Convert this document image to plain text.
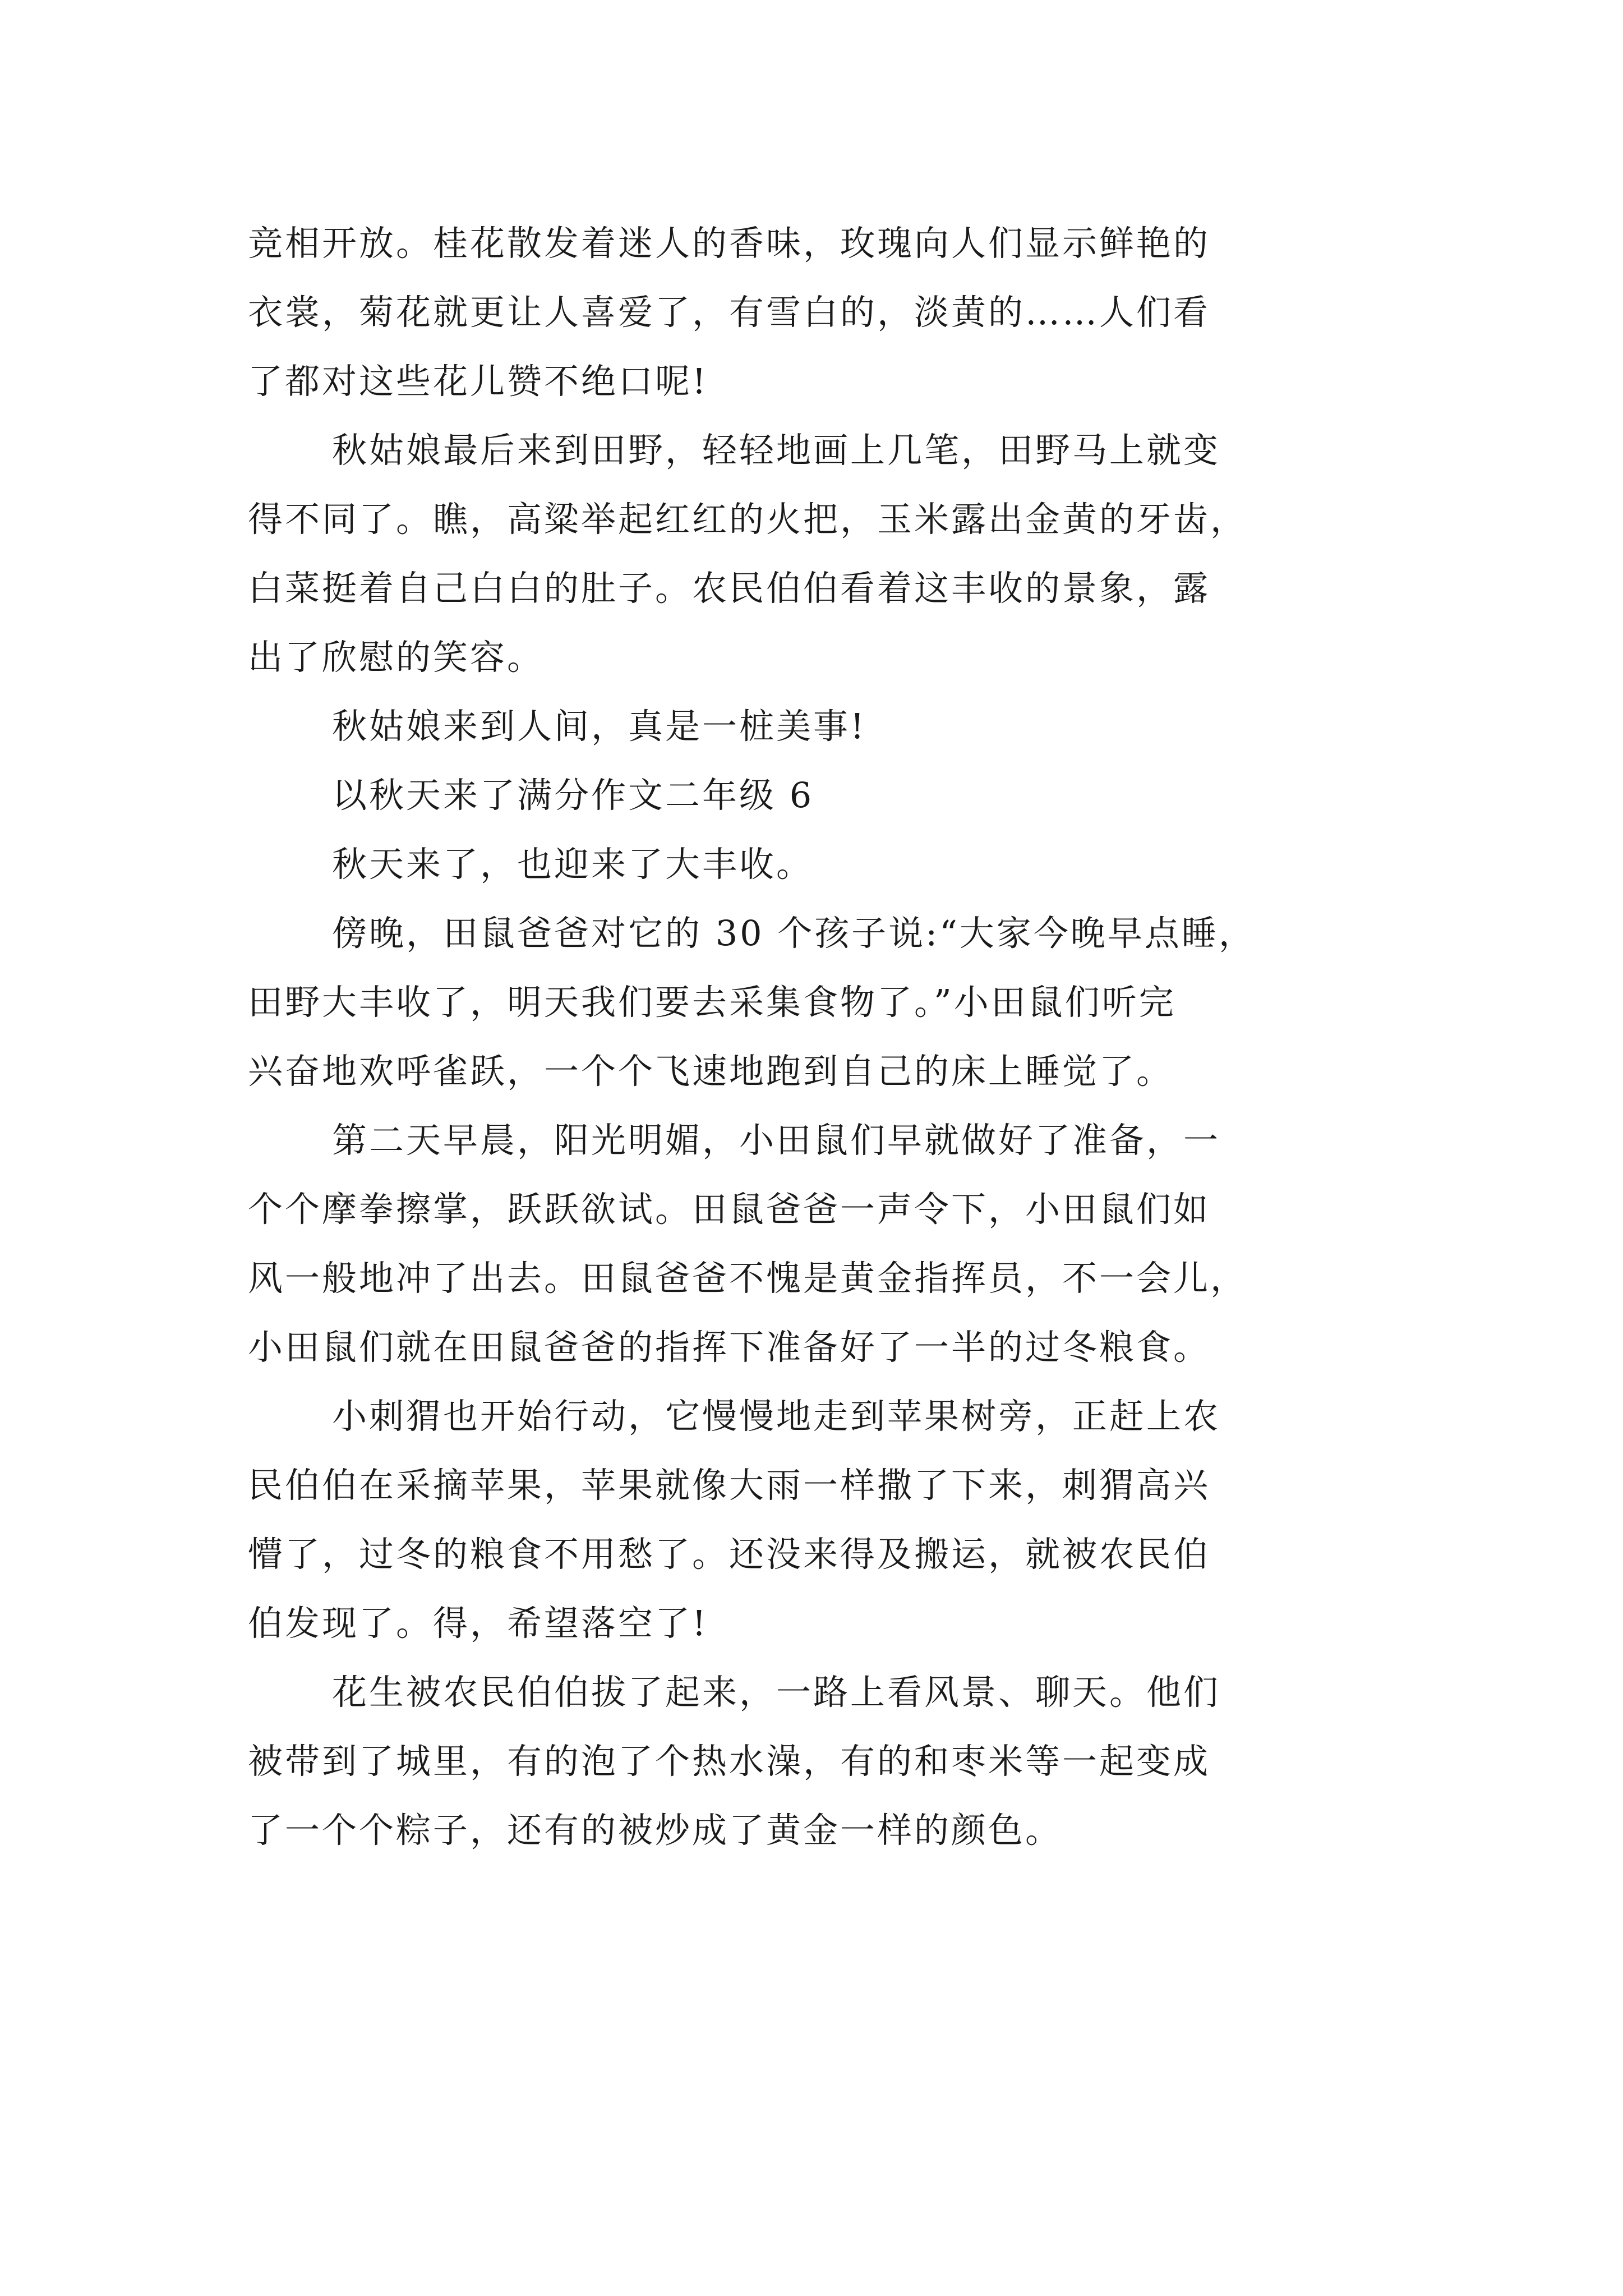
竞相开放。桂花散发着迷人的香味，玫瑰向人们显示鲜艳的
衣裳，菊花就更让人喜爱了，有雪白的，淡黄的……人们看
了都对这些花儿赞不绝口呢!
秋姑娘最后来到田野，轻轻地画上几笔，田野马上就变
得不同了。瞧，高粱举起红红的火把，玉米露出金黄的牙齿，
白菜挺着自己白白的肚子。农民伯伯看着这丰收的景象，露
出了欣慰的笑容。
秋姑娘来到人间，真是一桩美事!
以秋天来了满分作文二年级 6
秋天来了，也迎来了大丰收。
傍晚，田鼠爸爸对它的 30 个孩子说:“大家今晚早点睡，
田野大丰收了，明天我们要去采集食物了。”小田鼠们听完
兴奋地欢呼雀跃，一个个飞速地跑到自己的床上睡觉了。
第二天早晨，阳光明媚，小田鼠们早就做好了准备，一
个个摩拳擦掌，跃跃欲试。田鼠爸爸一声令下，小田鼠们如
风一般地冲了出去。田鼠爸爸不愧是黄金指挥员，不一会儿，
小田鼠们就在田鼠爸爸的指挥下准备好了一半的过冬粮食。
小刺猬也开始行动，它慢慢地走到苹果树旁，正赶上农
民伯伯在采摘苹果，苹果就像大雨一样撒了下来，刺猬高兴
懵了，过冬的粮食不用愁了。还没来得及搬运，就被农民伯
伯发现了。得，希望落空了!
花生被农民伯伯拔了起来，一路上看风景、聊天。他们
被带到了城里，有的泡了个热水澡，有的和枣米等一起变成
了一个个粽子，还有的被炒成了黄金一样的颜色。
